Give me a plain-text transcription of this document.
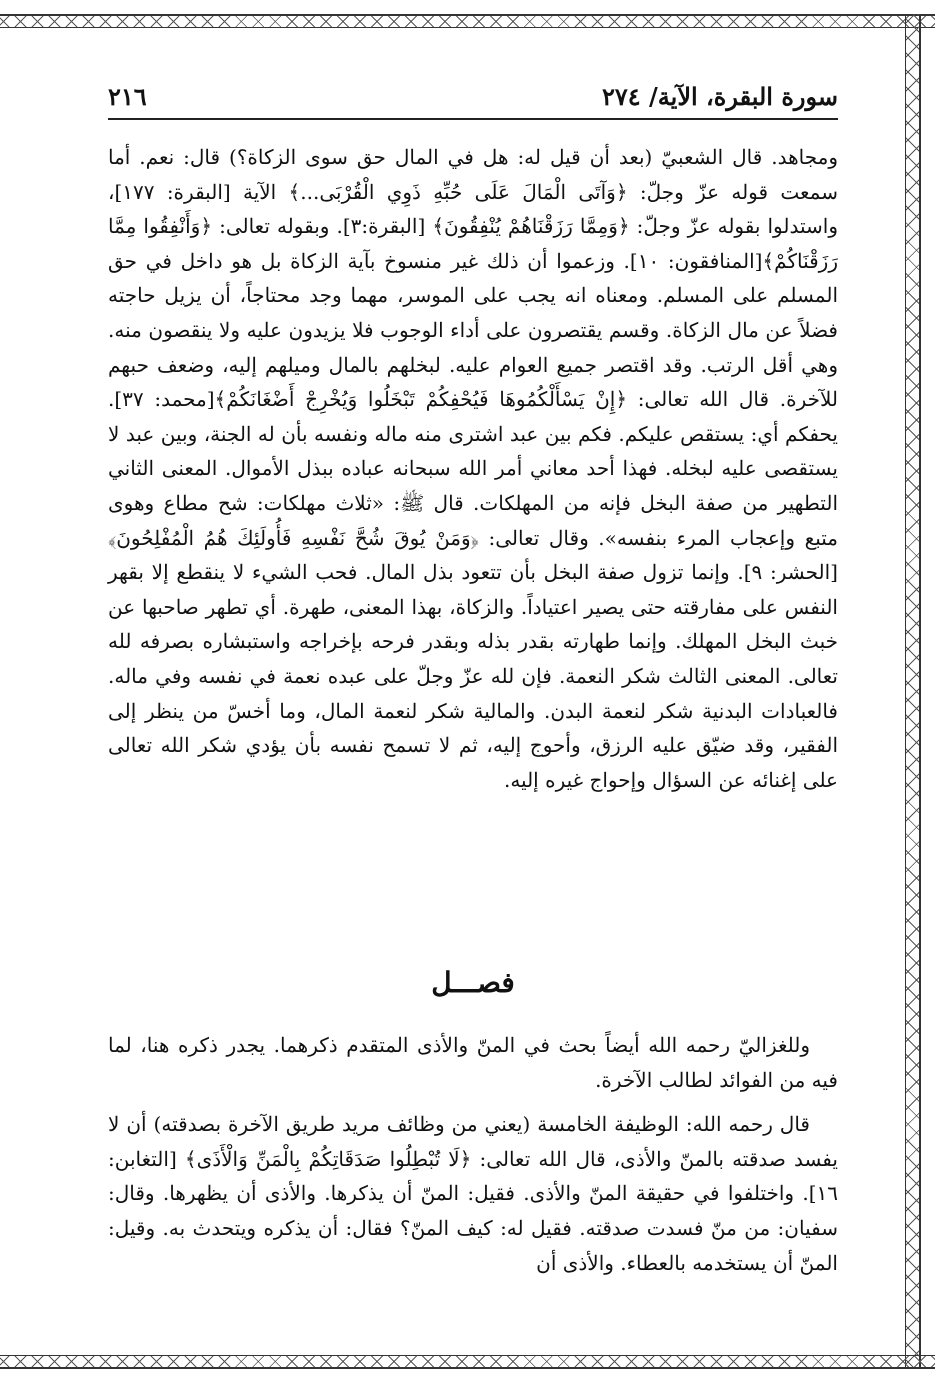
سورة البقرة، الآية/ ٢٧٤
٢١٦

ومجاهد. قال الشعبيّ (بعد أن قيل له: هل في المال حق سوى الزكاة؟) قال: نعم. أما سمعت قوله عزّ وجلّ: ﴿وَآتَى الْمَالَ عَلَى حُبِّهِ ذَوِي الْقُرْبَى...﴾ الآية [البقرة: ١٧٧]، واستدلوا بقوله عزّ وجلّ: ﴿وَمِمَّا رَزَقْنَاهُمْ يُنْفِقُونَ﴾ [البقرة:٣]. وبقوله تعالى: ﴿وَأَنْفِقُوا مِمَّا رَزَقْنَاكُمْ﴾[المنافقون: ١٠]. وزعموا أن ذلك غير منسوخ بآية الزكاة بل هو داخل في حق المسلم على المسلم. ومعناه انه يجب على الموسر، مهما وجد محتاجاً، أن يزيل حاجته فضلاً عن مال الزكاة. وقسم يقتصرون على أداء الوجوب فلا يزيدون عليه ولا ينقصون منه. وهي أقل الرتب. وقد اقتصر جميع العوام عليه. لبخلهم بالمال وميلهم إليه، وضعف حبهم للآخرة. قال الله تعالى: ﴿إِنْ يَسْأَلْكُمُوهَا فَيُحْفِكُمْ تَبْخَلُوا وَيُخْرِجْ أَضْغَانَكُمْ﴾[محمد: ٣٧]. يحفكم أي: يستقص عليكم. فكم بين عبد اشترى منه ماله ونفسه بأن له الجنة، وبين عبد لا يستقصى عليه لبخله. فهذا أحد معاني أمر الله سبحانه عباده ببذل الأموال. المعنى الثاني التطهير من صفة البخل فإنه من المهلكات. قال ﷺ: «ثلاث مهلكات: شح مطاع وهوى متبع وإعجاب المرء بنفسه». وقال تعالى: ﴿وَمَنْ يُوقَ شُحَّ نَفْسِهِ فَأُولَئِكَ هُمُ الْمُفْلِحُونَ﴾ [الحشر: ٩]. وإنما تزول صفة البخل بأن تتعود بذل المال. فحب الشيء لا ينقطع إلا بقهر النفس على مفارقته حتى يصير اعتياداً. والزكاة، بهذا المعنى، طهرة. أي تطهر صاحبها عن خبث البخل المهلك. وإنما طهارته بقدر بذله وبقدر فرحه بإخراجه واستبشاره بصرفه لله تعالى. المعنى الثالث شكر النعمة. فإن لله عزّ وجلّ على عبده نعمة في نفسه وفي ماله. فالعبادات البدنية شكر لنعمة البدن. والمالية شكر لنعمة المال، وما أخسّ من ينظر إلى الفقير، وقد ضيّق عليه الرزق، وأحوج إليه، ثم لا تسمح نفسه بأن يؤدي شكر الله تعالى على إغنائه عن السؤال وإحواج غيره إليه.

فصـــل

وللغزاليّ رحمه الله أيضاً بحث في المنّ والأذى المتقدم ذكرهما. يجدر ذكره هنا، لما فيه من الفوائد لطالب الآخرة.

قال رحمه الله: الوظيفة الخامسة (يعني من وظائف مريد طريق الآخرة بصدقته) أن لا يفسد صدقته بالمنّ والأذى، قال الله تعالى: ﴿لَا تُبْطِلُوا صَدَقَاتِكُمْ بِالْمَنِّ وَالْأَذَى﴾ [التغابن: ١٦]. واختلفوا في حقيقة المنّ والأذى. فقيل: المنّ أن يذكرها. والأذى أن يظهرها. وقال: سفيان: من منّ فسدت صدقته. فقيل له: كيف المنّ؟ فقال: أن يذكره ويتحدث به. وقيل: المنّ أن يستخدمه بالعطاء. والأذى أن
